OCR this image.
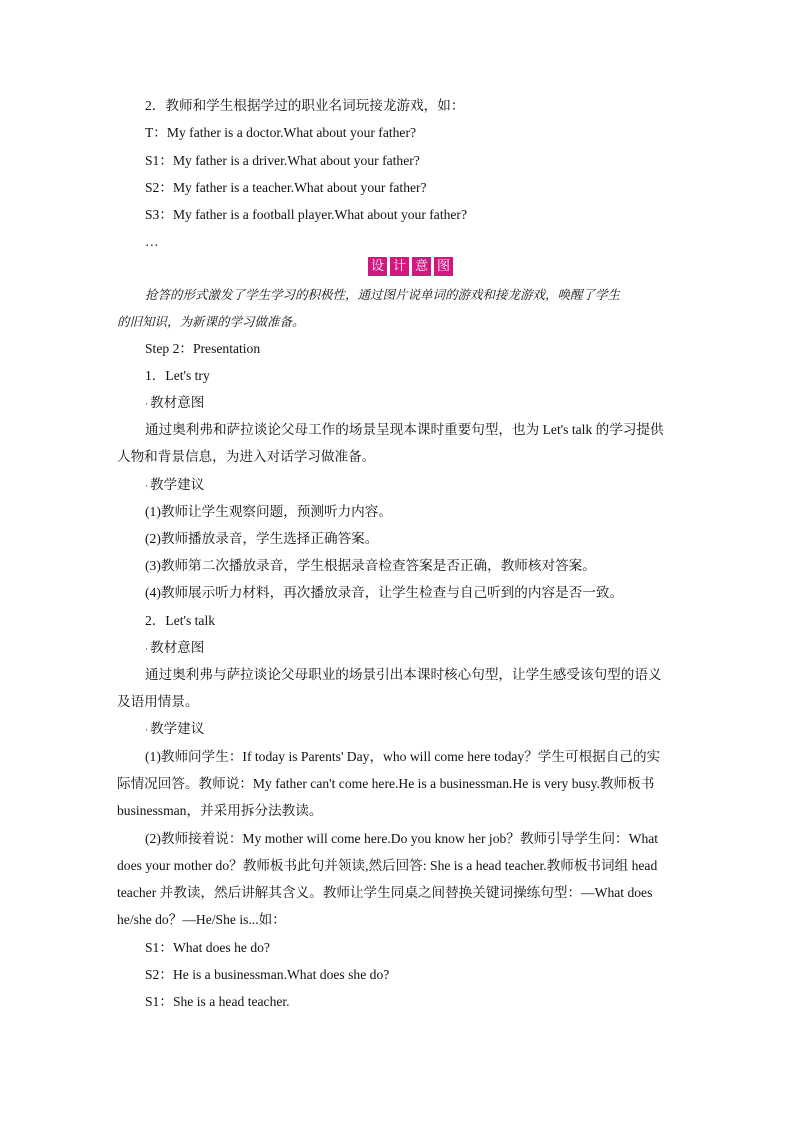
2．教师和学生根据学过的职业名词玩接龙游戏，如：
T：My father is a doctor.What about your father?
S1：My father is a driver.What about your father?
S2：My father is a teacher.What about your father?
S3：My father is a football player.What about your father?
…
设 计 意 图
抢答的形式激发了学生学习的积极性，通过图片说单词的游戏和接龙游戏，唤醒了学生
的旧知识，为新课的学习做准备。
Step 2：Presentation
1．Let's try
· 教材意图
通过奥利弗和萨拉谈论父母工作的场景呈现本课时重要句型，也为 Let's talk 的学习提供
人物和背景信息，为进入对话学习做准备。
· 教学建议
(1)教师让学生观察问题，预测听力内容。
(2)教师播放录音，学生选择正确答案。
(3)教师第二次播放录音，学生根据录音检查答案是否正确，教师核对答案。
(4)教师展示听力材料，再次播放录音，让学生检查与自己听到的内容是否一致。
2．Let's talk
· 教材意图
通过奥利弗与萨拉谈论父母职业的场景引出本课时核心句型，让学生感受该句型的语义
及语用情景。
· 教学建议
(1)教师问学生：If today is Parents' Day，who will come here today？学生可根据自己的实
际情况回答。教师说：My father can't come here.He is a businessman.He is very busy.教师板书
businessman，并采用拆分法教读。
(2)教师接着说：My mother will come here.Do you know her job？教师引导学生问：What
does your mother do？教师板书此句并领读,然后回答: She is a head teacher.教师板书词组 head
teacher 并教读，然后讲解其含义。教师让学生同桌之间替换关键词操练句型：—What does
he/she do？—He/She is...如：
S1：What does he do?
S2：He is a businessman.What does she do?
S1：She is a head teacher.
